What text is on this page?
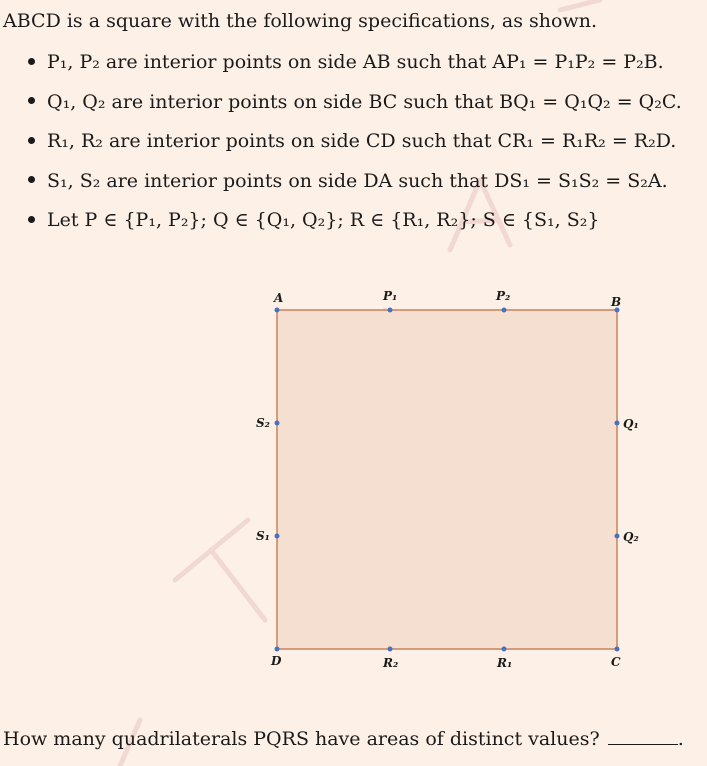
ABCD is a square with the following specifications, as shown.

P₁, P₂ are interior points on side AB such that AP₁ = P₁P₂ = P₂B.
Q₁, Q₂ are interior points on side BC such that BQ₁ = Q₁Q₂ = Q₂C.
R₁, R₂ are interior points on side CD such that CR₁ = R₁R₂ = R₂D.
S₁, S₂ are interior points on side DA such that DS₁ = S₁S₂ = S₂A.
Let P ∈ {P₁, P₂}; Q ∈ {Q₁, Q₂}; R ∈ {R₁, R₂}; S ∈ {S₁, S₂}
A	B
C
D
P₁	P₂
Q₁
Q₂
R₁
R₂
S₁
S₂
How many quadrilaterals PQRS have areas of distinct values?	.
